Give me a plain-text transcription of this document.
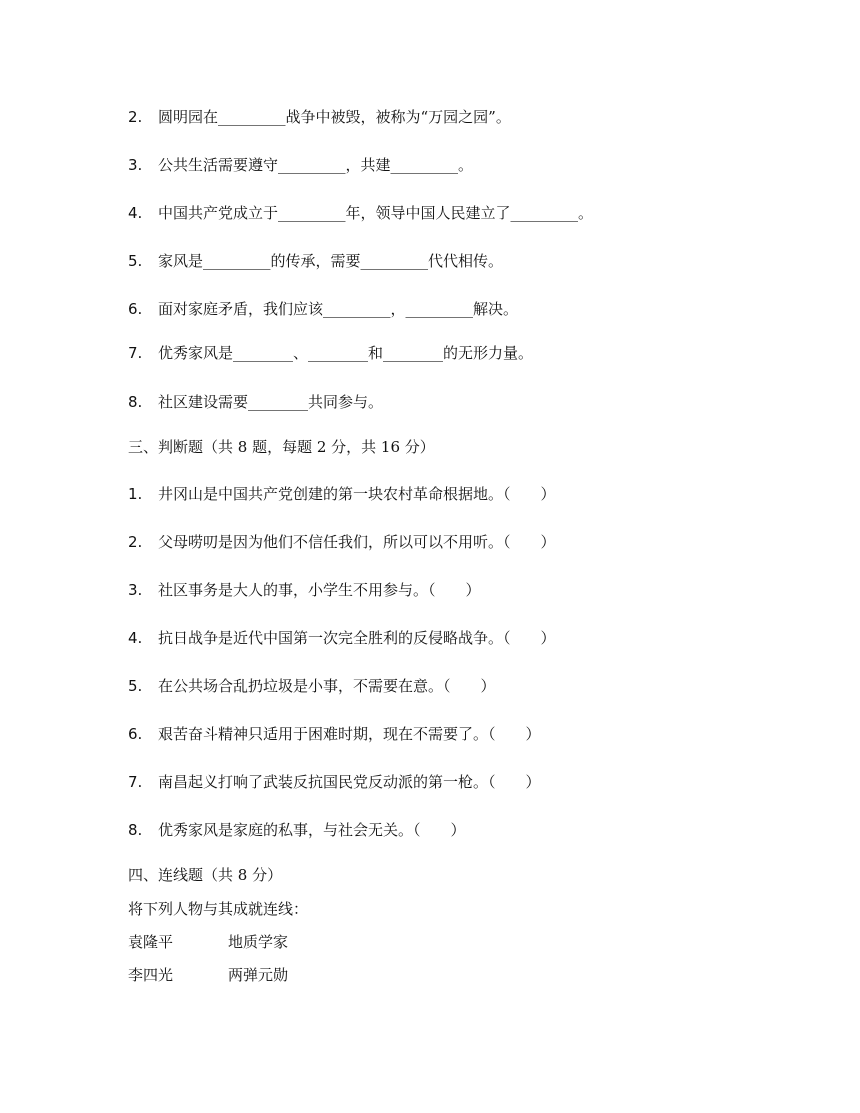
2. 圆明园在_________战争中被毁，被称为“万园之园”。
3. 公共生活需要遵守_________，共建_________。
4. 中国共产党成立于_________年，领导中国人民建立了_________。
5. 家风是_________的传承，需要_________代代相传。
6. 面对家庭矛盾，我们应该_________，_________解决。
7. 优秀家风是________、________和________的无形力量。
8. 社区建设需要________共同参与。
三、判断题（共 8 题，每题 2 分，共 16 分）
1. 井冈山是中国共产党创建的第一块农村革命根据地。（　　）
2. 父母唠叨是因为他们不信任我们，所以可以不用听。（　　）
3. 社区事务是大人的事，小学生不用参与。（　　）
4. 抗日战争是近代中国第一次完全胜利的反侵略战争。（　　）
5. 在公共场合乱扔垃圾是小事，不需要在意。（　　）
6. 艰苦奋斗精神只适用于困难时期，现在不需要了。（　　）
7. 南昌起义打响了武装反抗国民党反动派的第一枪。（　　）
8. 优秀家风是家庭的私事，与社会无关。（　　）
四、连线题（共 8 分）
将下列人物与其成就连线：
袁隆平	地质学家
李四光	两弹元勋
